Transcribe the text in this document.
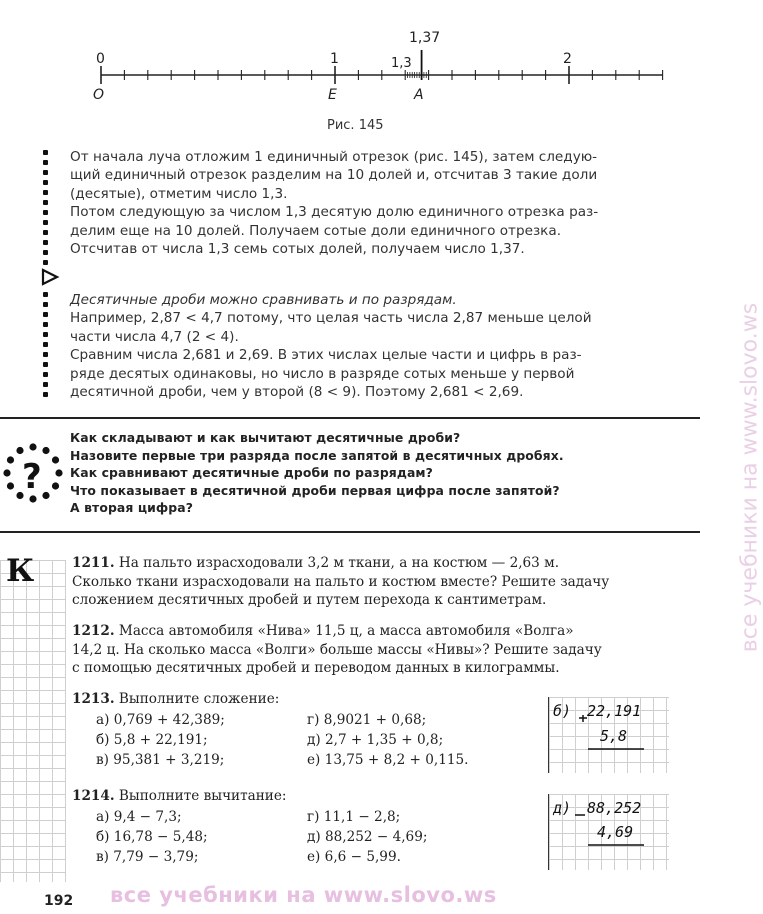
0	1	1,3
1,37
2
O	E	A
Рис. 145

От начала луча отложим 1 единичный отрезок (рис. 145), затем следую-

щий единичный отрезок разделим на 10 долей и, отсчитав 3 такие доли

(десятые), отметим число 1,3.

Потом следующую за числом 1,3 десятую долю единичного отрезка раз-

делим еще на 10 долей. Получаем сотые доли единичного отрезка.

Отсчитав от числа 1,3 семь сотых долей, получаем число 1,37.

Десятичные дроби можно сравнивать и по разрядам.

Например, 2,87 < 4,7 потому, что целая часть числа 2,87 меньше целой

части числа 4,7 (2 < 4).

Сравним числа 2,681 и 2,69. В этих числах целые части и цифрь в раз-

ряде десятых одинаковы, но число в разряде сотых меньше у первой

десятичной дроби, чем у второй (8 < 9). Поэтому 2,681 < 2,69.

?
Как складывают и как вычитают десятичные дроби?
Назовите первые три разряда после запятой в десятичных дробях.
Как сравнивают десятичные дроби по разрядам?
Что показывает в десятичной дроби первая цифра после запятой?
А вторая цифра?
К	1211. На пальто израсходовали 3,2 м ткани, а на костюм — 2,63 м.
Сколько ткани израсходовали на пальто и костюм вместе? Решите задачу
сложением десятичных дробей и путем перехода к сантиметрам.
1212. Масса автомобиля «Нива» 11,5 ц, а масса автомобиля «Волга»
14,2 ц. На сколько масса «Волги» больше массы «Нивы»? Решите задачу
с помощью десятичных дробей и переводом данных в килограммы.
1213. Выполните сложение:
а) 0,769 + 42,389;
б) 5,8 + 22,191;
в) 95,381 + 3,219;
г) 8,9021 + 0,68;
д) 2,7 + 1,35 + 0,8;
е) 13,75 + 8,2 + 0,115.
б) 22,191
5,8
1214. Выполните вычитание:
а) 9,4 − 7,3;
б) 16,78 − 5,48;
в) 7,79 − 3,79;
г) 11,1 − 2,8;
д) 88,252 − 4,69;
е) 6,6 − 5,99.
д) 88,252
4,69
все учебники на www.slovo.ws
192 все учебники на www.slovo.ws
